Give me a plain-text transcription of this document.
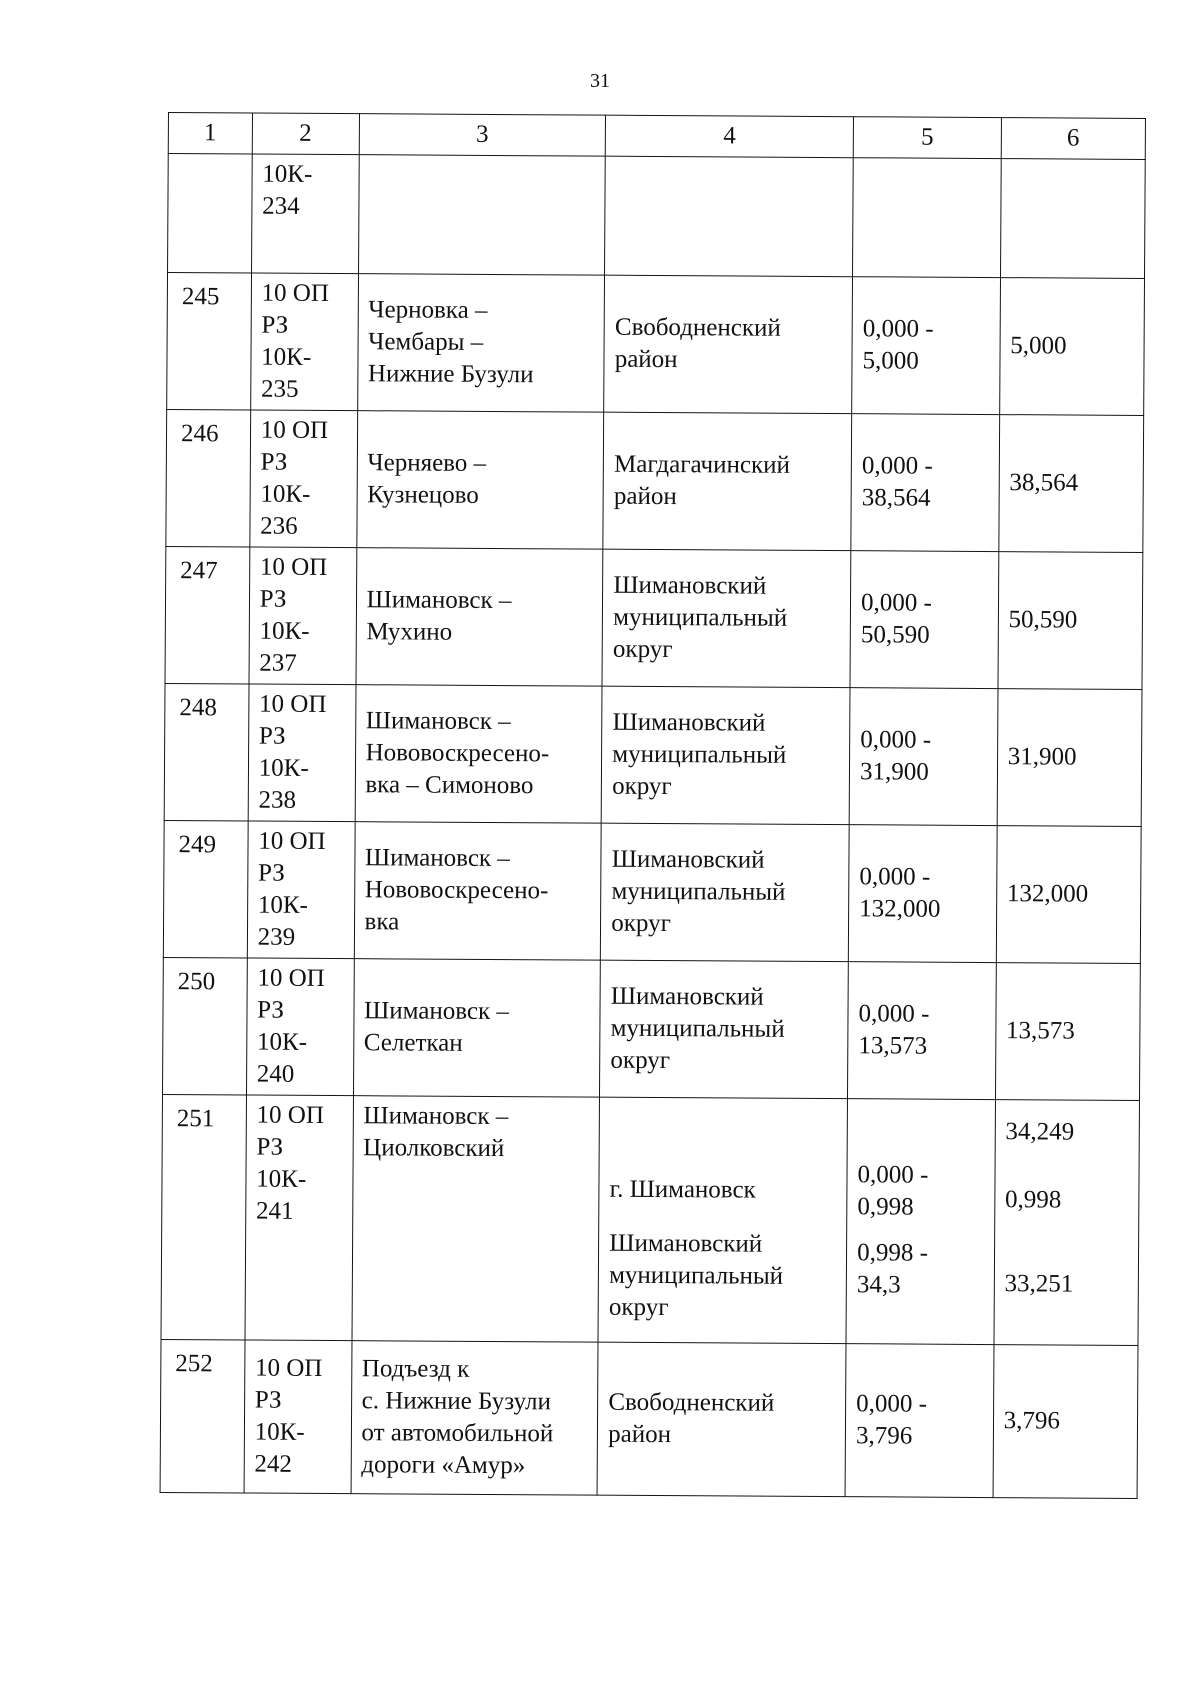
31
1	2	3	4	5	6

	10К-
234				

245	10 ОП
РЗ
10К-
235	Черновка –
Чембары –
Нижние Бузули	Свободненский
район	0,000 -
5,000	5,000
246	10 ОП
РЗ
10К-
236	Черняево –
Кузнецово	Магдагачинский
район	0,000 -
38,564	38,564
247	10 ОП
РЗ
10К-
237	Шимановск –
Мухино	Шимановский
муниципальный
округ	0,000 -
50,590	50,590
248	10 ОП
РЗ
10К-
238	Шимановск –
Нововоскресено-
вка – Симоново	Шимановский
муниципальный
округ	0,000 -
31,900	31,900
249	10 ОП
РЗ
10К-
239	Шимановск –
Нововоскресено-
вка	Шимановский
муниципальный
округ	0,000 -
132,000	132,000
250	10 ОП
РЗ
10К-
240	Шимановск –
Селеткан	Шимановский
муниципальный
округ	0,000 -
13,573	13,573
251	10 ОП
РЗ
10К-
241	Шимановск –
Циолковский	г. Шимановск
Шимановский
муниципальный
округ	0,000 -
0,998
0,998 -
34,3	34,249
0,998
33,251

252	10 ОП
РЗ
10К-
242	Подъезд к
с. Нижние Бузули
от автомобильной
дороги «Амур»	Свободненский
район	0,000 -
3,796	3,796
